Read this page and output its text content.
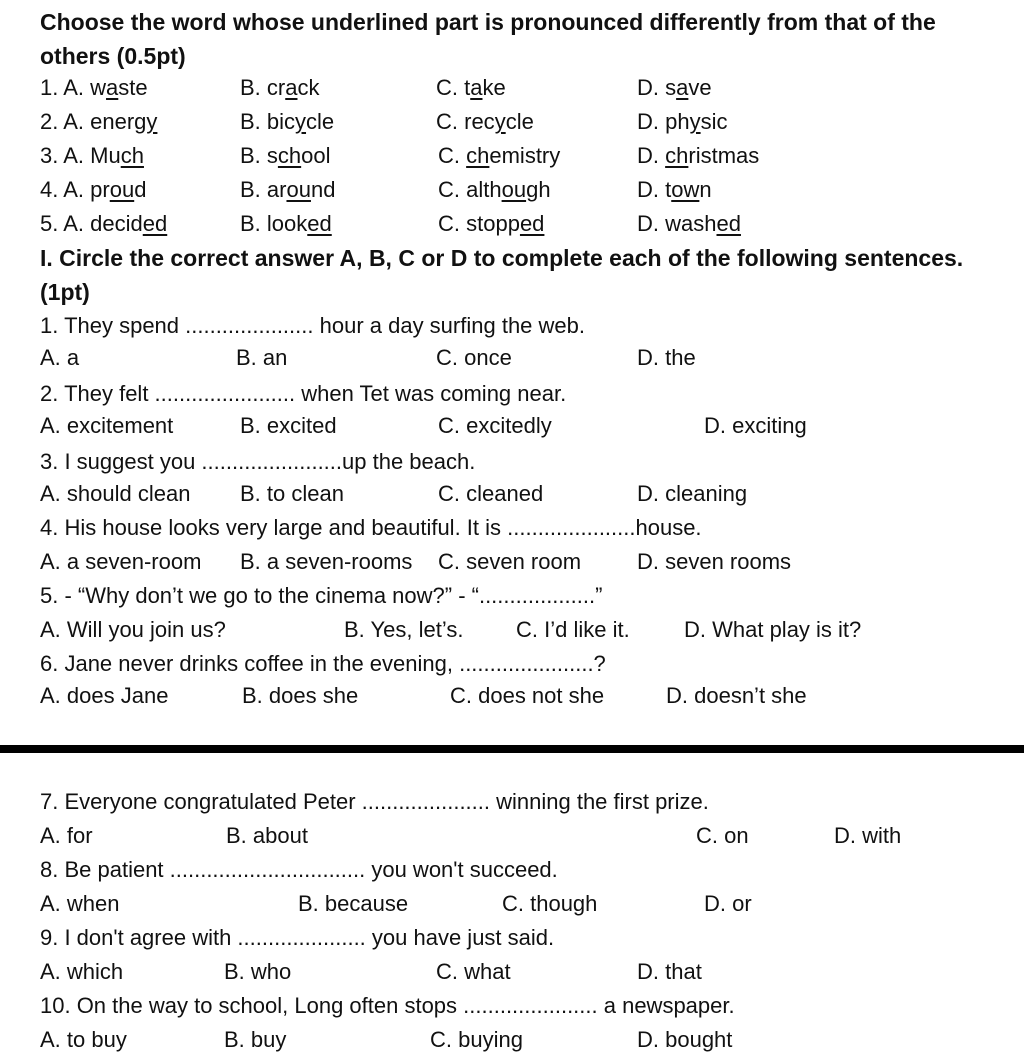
Choose the word whose underlined part is pronounced differently from that of the
others (0.5pt)
1. A. waste	B. crack	C. take	D. save
2. A. energy	B. bicycle	C. recycle	D. physic
3. A. Much	B. school	C. chemistry	D. christmas
4. A. proud	B. around	C. although	D. town
5. A. decided	B. looked	C. stopped	D. washed
I. Circle the correct answer A, B, C or D to complete each of the following sentences.
(1pt)
1. They spend ..................... hour a day surfing the web.
A. a	B. an	C. once	D. the
2. They felt ....................... when Tet was coming near.
A. excitement	B. excited	C. excitedly	D. exciting
3. I suggest you .......................up the beach.
A. should clean B. to clean	C. cleaned	D. cleaning
4. His house looks very large and beautiful. It is .....................house.
A. a seven-room B. a seven-rooms C. seven room	D. seven rooms
5. - “Why don’t we go to the cinema now?” - “...................”
A. Will you join us?	B. Yes, let’s. C. I’d like it. D. What play is it?
6. Jane never drinks coffee in the evening, ......................?
A. does Jane	B. does she	C. does not she	D. doesn’t she
7. Everyone congratulated Peter ..................... winning the first prize.
A. for	B. about	C. on	D. with
8. Be patient ................................ you won't succeed.
A. when	B. because	C. though	D. or
9. I don't agree with ..................... you have just said.
A. which	B. who	C. what	D. that
10. On the way to school, Long often stops ...................... a newspaper.
A. to buy	B. buy	C. buying	D. bought
